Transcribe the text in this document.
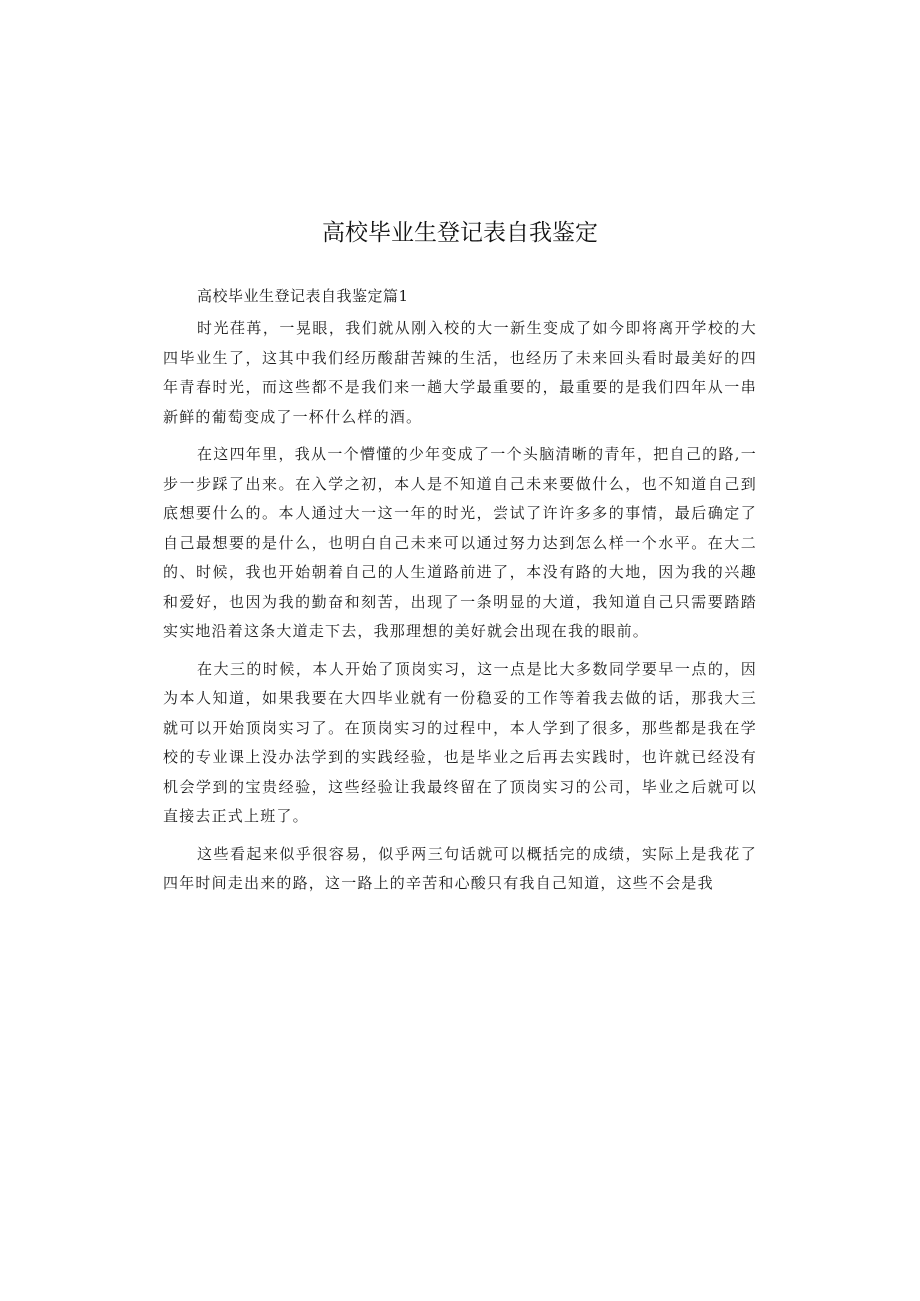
高校毕业生登记表自我鉴定

高校毕业生登记表自我鉴定篇1

时光荏苒，一晃眼，我们就从刚入校的大一新生变成了如今即将离开学校的大四毕业生了，这其中我们经历酸甜苦辣的生活，也经历了未来回头看时最美好的四年青春时光，而这些都不是我们来一趟大学最重要的，最重要的是我们四年从一串新鲜的葡萄变成了一杯什么样的酒。

在这四年里，我从一个懵懂的少年变成了一个头脑清晰的青年，把自己的路,一步一步踩了出来。在入学之初，本人是不知道自己未来要做什么，也不知道自己到底想要什么的。本人通过大一这一年的时光，尝试了许许多多的事情，最后确定了自己最想要的是什么，也明白自己未来可以通过努力达到怎么样一个水平。在大二的、时候，我也开始朝着自己的人生道路前进了，本没有路的大地，因为我的兴趣和爱好，也因为我的勤奋和刻苦，出现了一条明显的大道，我知道自己只需要踏踏实实地沿着这条大道走下去，我那理想的美好就会出现在我的眼前。

在大三的时候，本人开始了顶岗实习，这一点是比大多数同学要早一点的，因为本人知道，如果我要在大四毕业就有一份稳妥的工作等着我去做的话，那我大三就可以开始顶岗实习了。在顶岗实习的过程中，本人学到了很多，那些都是我在学校的专业课上没办法学到的实践经验，也是毕业之后再去实践时，也许就已经没有机会学到的宝贵经验，这些经验让我最终留在了顶岗实习的公司，毕业之后就可以直接去正式上班了。

这些看起来似乎很容易，似乎两三句话就可以概括完的成绩，实际上是我花了四年时间走出来的路，这一路上的辛苦和心酸只有我自己知道，这些不会是我
